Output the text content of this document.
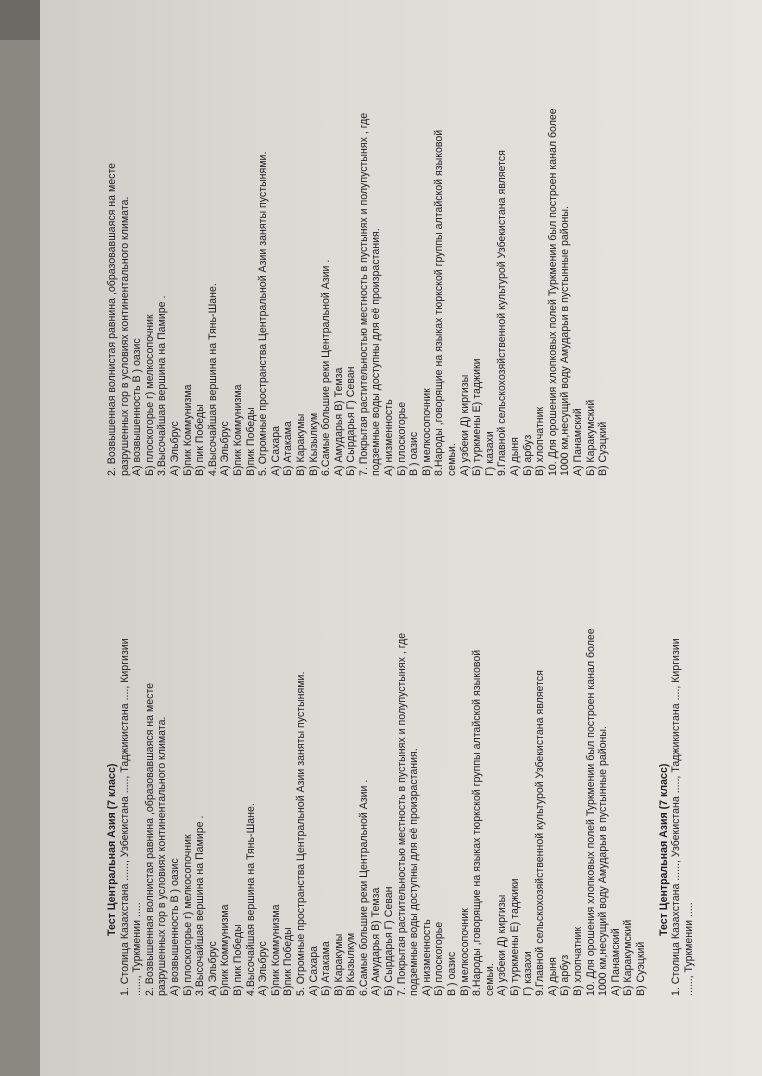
Тест Центральная Азия (7 класс) 1. Столица Казахстана ......, Узбекистана ....., Таджикистана ...., Киргизии ......, Туркмении ..... 2. Возвышенная волнистая равнина ,образовавшаяся на месте разрушенных гор в условиях континентального климата. А) возвышенность В ) оазис Б) плоскогорье г) мелкосопочник 3.Высочайшая вершина на Памире . А) Эльбрус Б)пик Коммунизма В) пик Победы 4.Высочайшая вершина на Тянь-Шане. А) Эльбрус Б)пик Коммунизма В)пик Победы 5. Огромные пространства Центральной Азии заняты пустынями. А) Сахара Б) Атакама В) Каракумы В) Кызылкум 6.Самые большие реки Центральной Азии . А) Амударья В) Темза Б) Сырдарья Г) Севан 7. Покрытая растительностью местность в пустынях и полупустынях , где подземные воды доступны для её произрастания. А) низменность Б) плоскогорье В ) оазис В) мелкосопочник 8.Народы ,говорящие на языках тюркской группы алтайской языковой семьи. А) узбеки Д) киргизы Б) туркмены Е) таджики Г) казахи 9.Главной сельскохозяйственной культурой Узбекистана является А) дыня Б) арбуз В) хлопчатник 10. Для орошения хлопковых полей Туркмении был построен канал более 1000 км,несущий воду Амударьи в пустынные районы. А) Панамский Б) Каракумский В) Суэцкий
Тест Центральная Азия (7 класс) 1. Столица Казахстана ......, Узбекистана ....., Таджикистана ...., Киргизии ......, Туркмении .....
2. Возвышенная волнистая равнина ,образовавшаяся на месте разрушенных гор в условиях континентального климата. А) возвышенность В ) оазис Б) плоскогорье г) мелкосопочник 3.Высочайшая вершина на Памире . А) Эльбрус Б)пик Коммунизма В) пик Победы 4.Высочайшая вершина на Тянь-Шане. А) Эльбрус Б)пик Коммунизма В)пик Победы 5. Огромные пространства Центральной Азии заняты пустынями. А) Сахара Б) Атакама В) Каракумы В) Кызылкум 6.Самые большие реки Центральной Азии . А) Амударья В) Темза Б) Сырдарья Г) Севан 7. Покрытая растительностью местность в пустынях и полупустынях , где подземные воды доступны для её произрастания. А) низменность Б) плоскогорье В ) оазис В) мелкосопочник 8.Народы ,говорящие на языках тюркской группы алтайской языковой семьи. А) узбеки Д) киргизы Б) туркмены Е) таджики Г) казахи 9.Главной сельскохозяйственной культурой Узбекистана является А) дыня Б) арбуз В) хлопчатник 10. Для орошения хлопковых полей Туркмении был построен канал более 1000 км,несущий воду Амударьи в пустынные районы. А) Панамский Б) Каракумский В) Суэцкий
